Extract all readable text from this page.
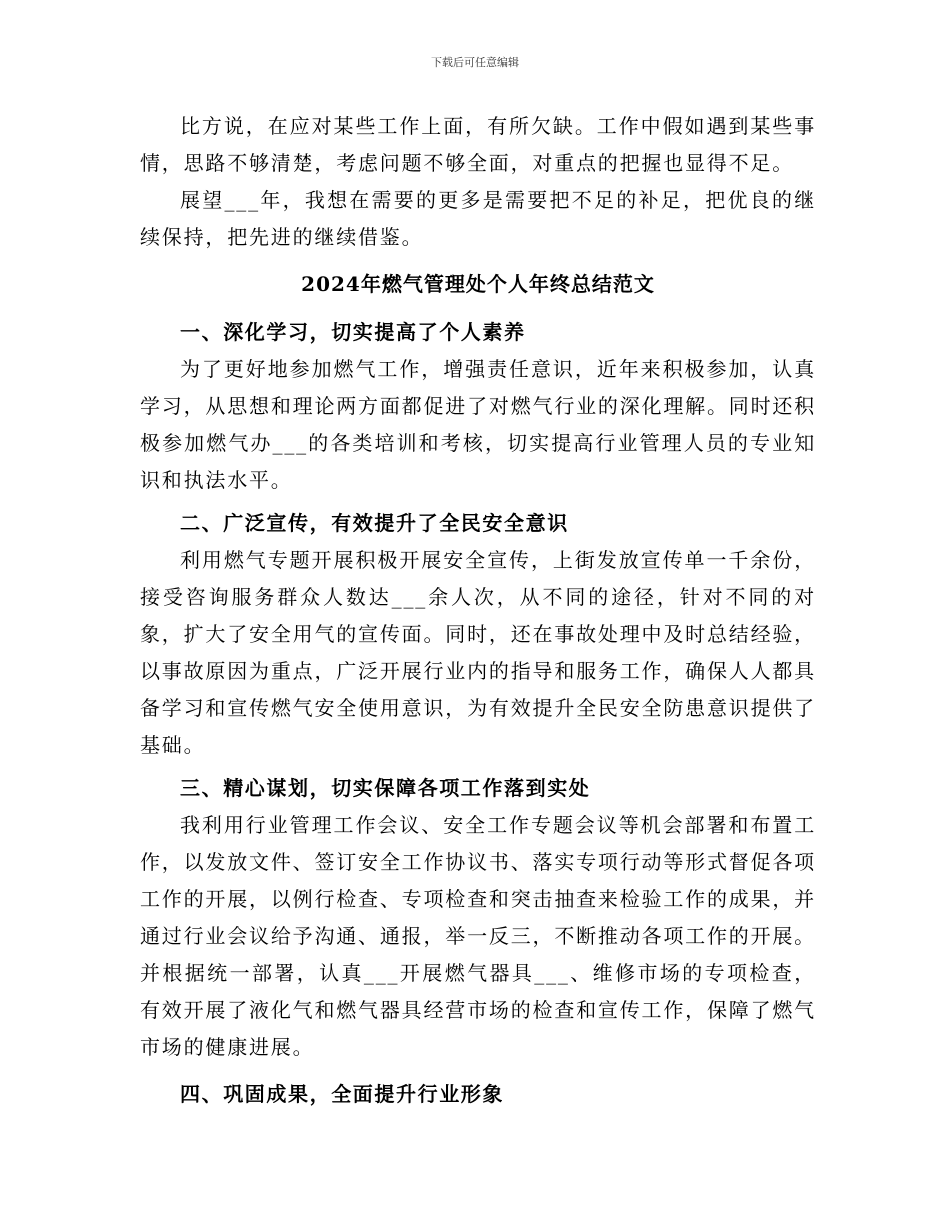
下载后可任意编辑

比方说，在应对某些工作上面，有所欠缺。工作中假如遇到某些事情，思路不够清楚，考虑问题不够全面，对重点的把握也显得不足。

展望___年，我想在需要的更多是需要把不足的补足，把优良的继续保持，把先进的继续借鉴。

2024年燃气管理处个人年终总结范文

一、深化学习，切实提高了个人素养

为了更好地参加燃气工作，增强责任意识，近年来积极参加，认真学习，从思想和理论两方面都促进了对燃气行业的深化理解。同时还积极参加燃气办___的各类培训和考核，切实提高行业管理人员的专业知识和执法水平。

二、广泛宣传，有效提升了全民安全意识

利用燃气专题开展积极开展安全宣传，上街发放宣传单一千余份，接受咨询服务群众人数达___余人次，从不同的途径，针对不同的对象，扩大了安全用气的宣传面。同时，还在事故处理中及时总结经验，以事故原因为重点，广泛开展行业内的指导和服务工作，确保人人都具备学习和宣传燃气安全使用意识，为有效提升全民安全防患意识提供了基础。

三、精心谋划，切实保障各项工作落到实处

我利用行业管理工作会议、安全工作专题会议等机会部署和布置工作，以发放文件、签订安全工作协议书、落实专项行动等形式督促各项工作的开展，以例行检查、专项检查和突击抽查来检验工作的成果，并通过行业会议给予沟通、通报，举一反三，不断推动各项工作的开展。并根据统一部署，认真___开展燃气器具___、维修市场的专项检查，有效开展了液化气和燃气器具经营市场的检查和宣传工作，保障了燃气市场的健康进展。

四、巩固成果，全面提升行业形象
